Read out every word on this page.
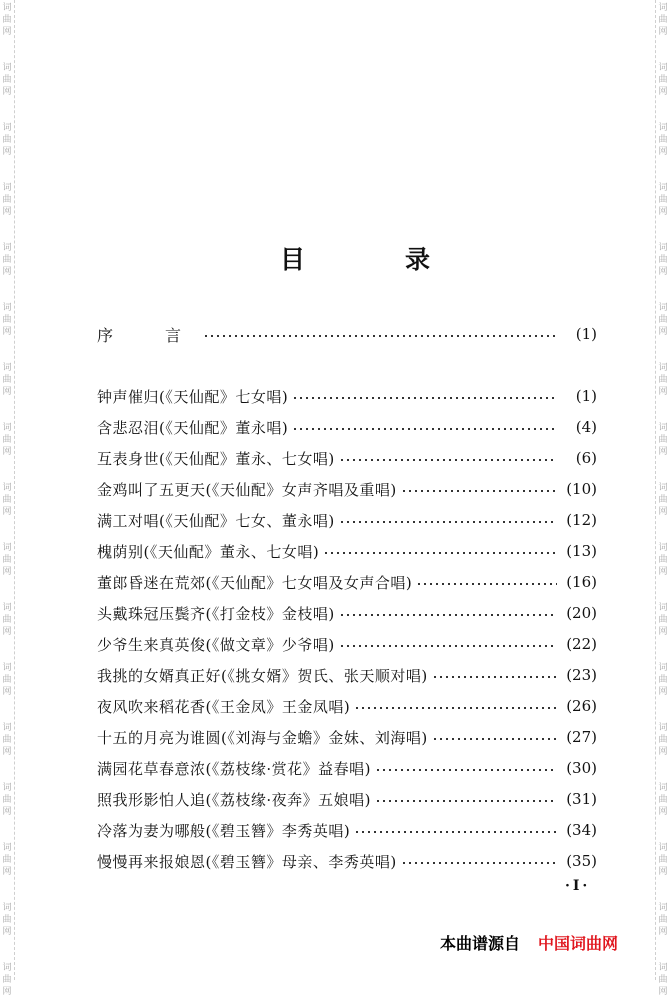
词
曲
网
词
曲
网
词
曲
网
词
曲
网
词
曲
网
词
曲
网
词
曲
网
词
曲
网
词
曲
网
词
曲
网
词
曲
网
词
曲
网
词
曲
网
词
曲
网
词
曲
网
词
曲
网
词
曲
网
词
曲
网
词
曲
网
词
曲
网
词
曲
网
词
曲
网
词
曲
网
词
曲
网
词
曲
网
词
曲
网
词
曲
网
词
曲
网
词
曲
网
词
曲
网
词
曲
网
词
曲
网
词
曲
网
词
曲
网
目	录
序　言	(1)
钟声催归(《天仙配》七女唱)	(1)
含悲忍泪(《天仙配》董永唱)	(4)
互表身世(《天仙配》董永、七女唱)	(6)
金鸡叫了五更天(《天仙配》女声齐唱及重唱)	(10)
满工对唱(《天仙配》七女、董永唱)	(12)
槐荫别(《天仙配》董永、七女唱)	(13)
董郎昏迷在荒郊(《天仙配》七女唱及女声合唱)	(16)
头戴珠冠压鬓齐(《打金枝》金枝唱)	(20)
少爷生来真英俊(《做文章》少爷唱)	(22)
我挑的女婿真正好(《挑女婿》贺氏、张天顺对唱)	(23)
夜风吹来稻花香(《王金凤》王金凤唱)	(26)
十五的月亮为谁圆(《刘海与金蟾》金妹、刘海唱)	(27)
满园花草春意浓(《荔枝缘·赏花》益春唱)	(30)
照我形影怕人追(《荔枝缘·夜奔》五娘唱)	(31)
冷落为妻为哪般(《碧玉簪》李秀英唱)	(34)
慢慢再来报娘恩(《碧玉簪》母亲、李秀英唱)	(35)
·Ⅰ·
本曲谱源自 中国词曲网
